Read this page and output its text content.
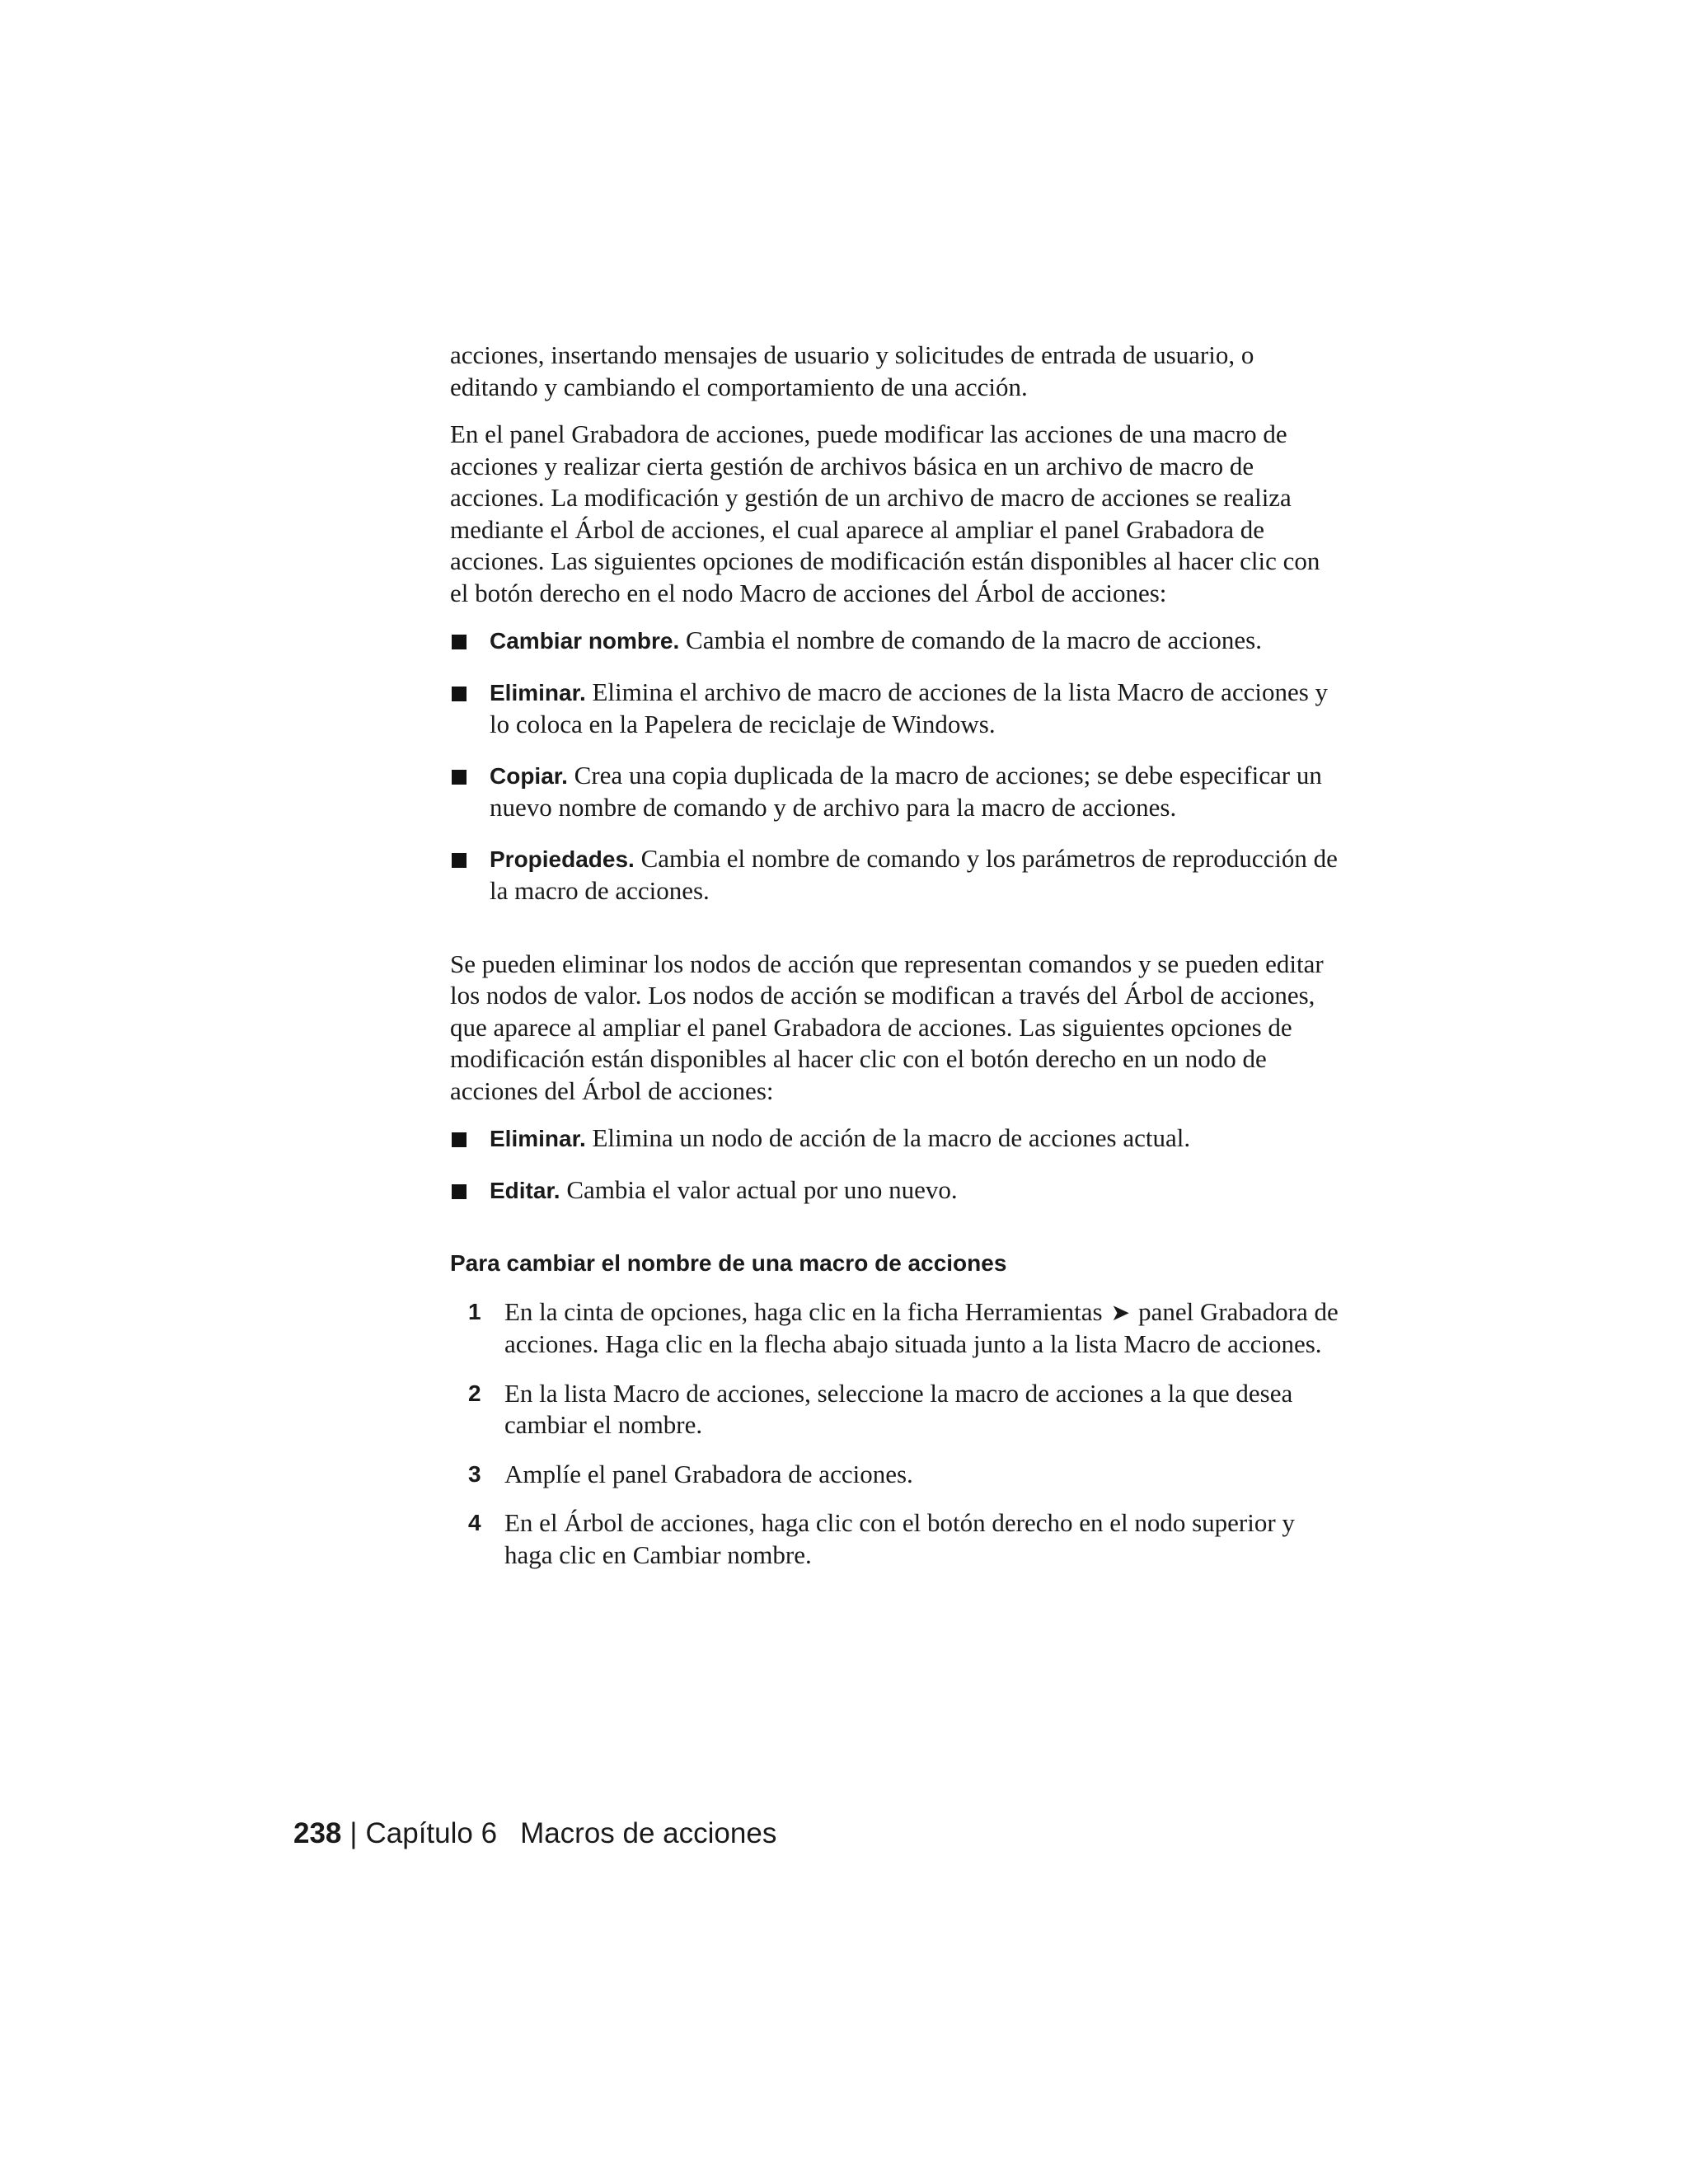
acciones, insertando mensajes de usuario y solicitudes de entrada de usuario, o editando y cambiando el comportamiento de una acción.

En el panel Grabadora de acciones, puede modificar las acciones de una macro de acciones y realizar cierta gestión de archivos básica en un archivo de macro de acciones. La modificación y gestión de un archivo de macro de acciones se realiza mediante el Árbol de acciones, el cual aparece al ampliar el panel Grabadora de acciones. Las siguientes opciones de modificación están disponibles al hacer clic con el botón derecho en el nodo Macro de acciones del Árbol de acciones:

Cambiar nombre. Cambia el nombre de comando de la macro de acciones.
Eliminar. Elimina el archivo de macro de acciones de la lista Macro de acciones y lo coloca en la Papelera de reciclaje de Windows.
Copiar. Crea una copia duplicada de la macro de acciones; se debe especificar un nuevo nombre de comando y de archivo para la macro de acciones.
Propiedades. Cambia el nombre de comando y los parámetros de reproducción de la macro de acciones.

Se pueden eliminar los nodos de acción que representan comandos y se pueden editar los nodos de valor. Los nodos de acción se modifican a través del Árbol de acciones, que aparece al ampliar el panel Grabadora de acciones. Las siguientes opciones de modificación están disponibles al hacer clic con el botón derecho en un nodo de acciones del Árbol de acciones:

Eliminar. Elimina un nodo de acción de la macro de acciones actual.
Editar. Cambia el valor actual por uno nuevo.
Para cambiar el nombre de una macro de acciones
1 En la cinta de opciones, haga clic en la ficha Herramientas ➤ panel Grabadora de acciones. Haga clic en la flecha abajo situada junto a la lista Macro de acciones.
2 En la lista Macro de acciones, seleccione la macro de acciones a la que desea cambiar el nombre.
3 Amplíe el panel Grabadora de acciones.
4 En el Árbol de acciones, haga clic con el botón derecho en el nodo superior y haga clic en Cambiar nombre.
238 | Capítulo 6 Macros de acciones
